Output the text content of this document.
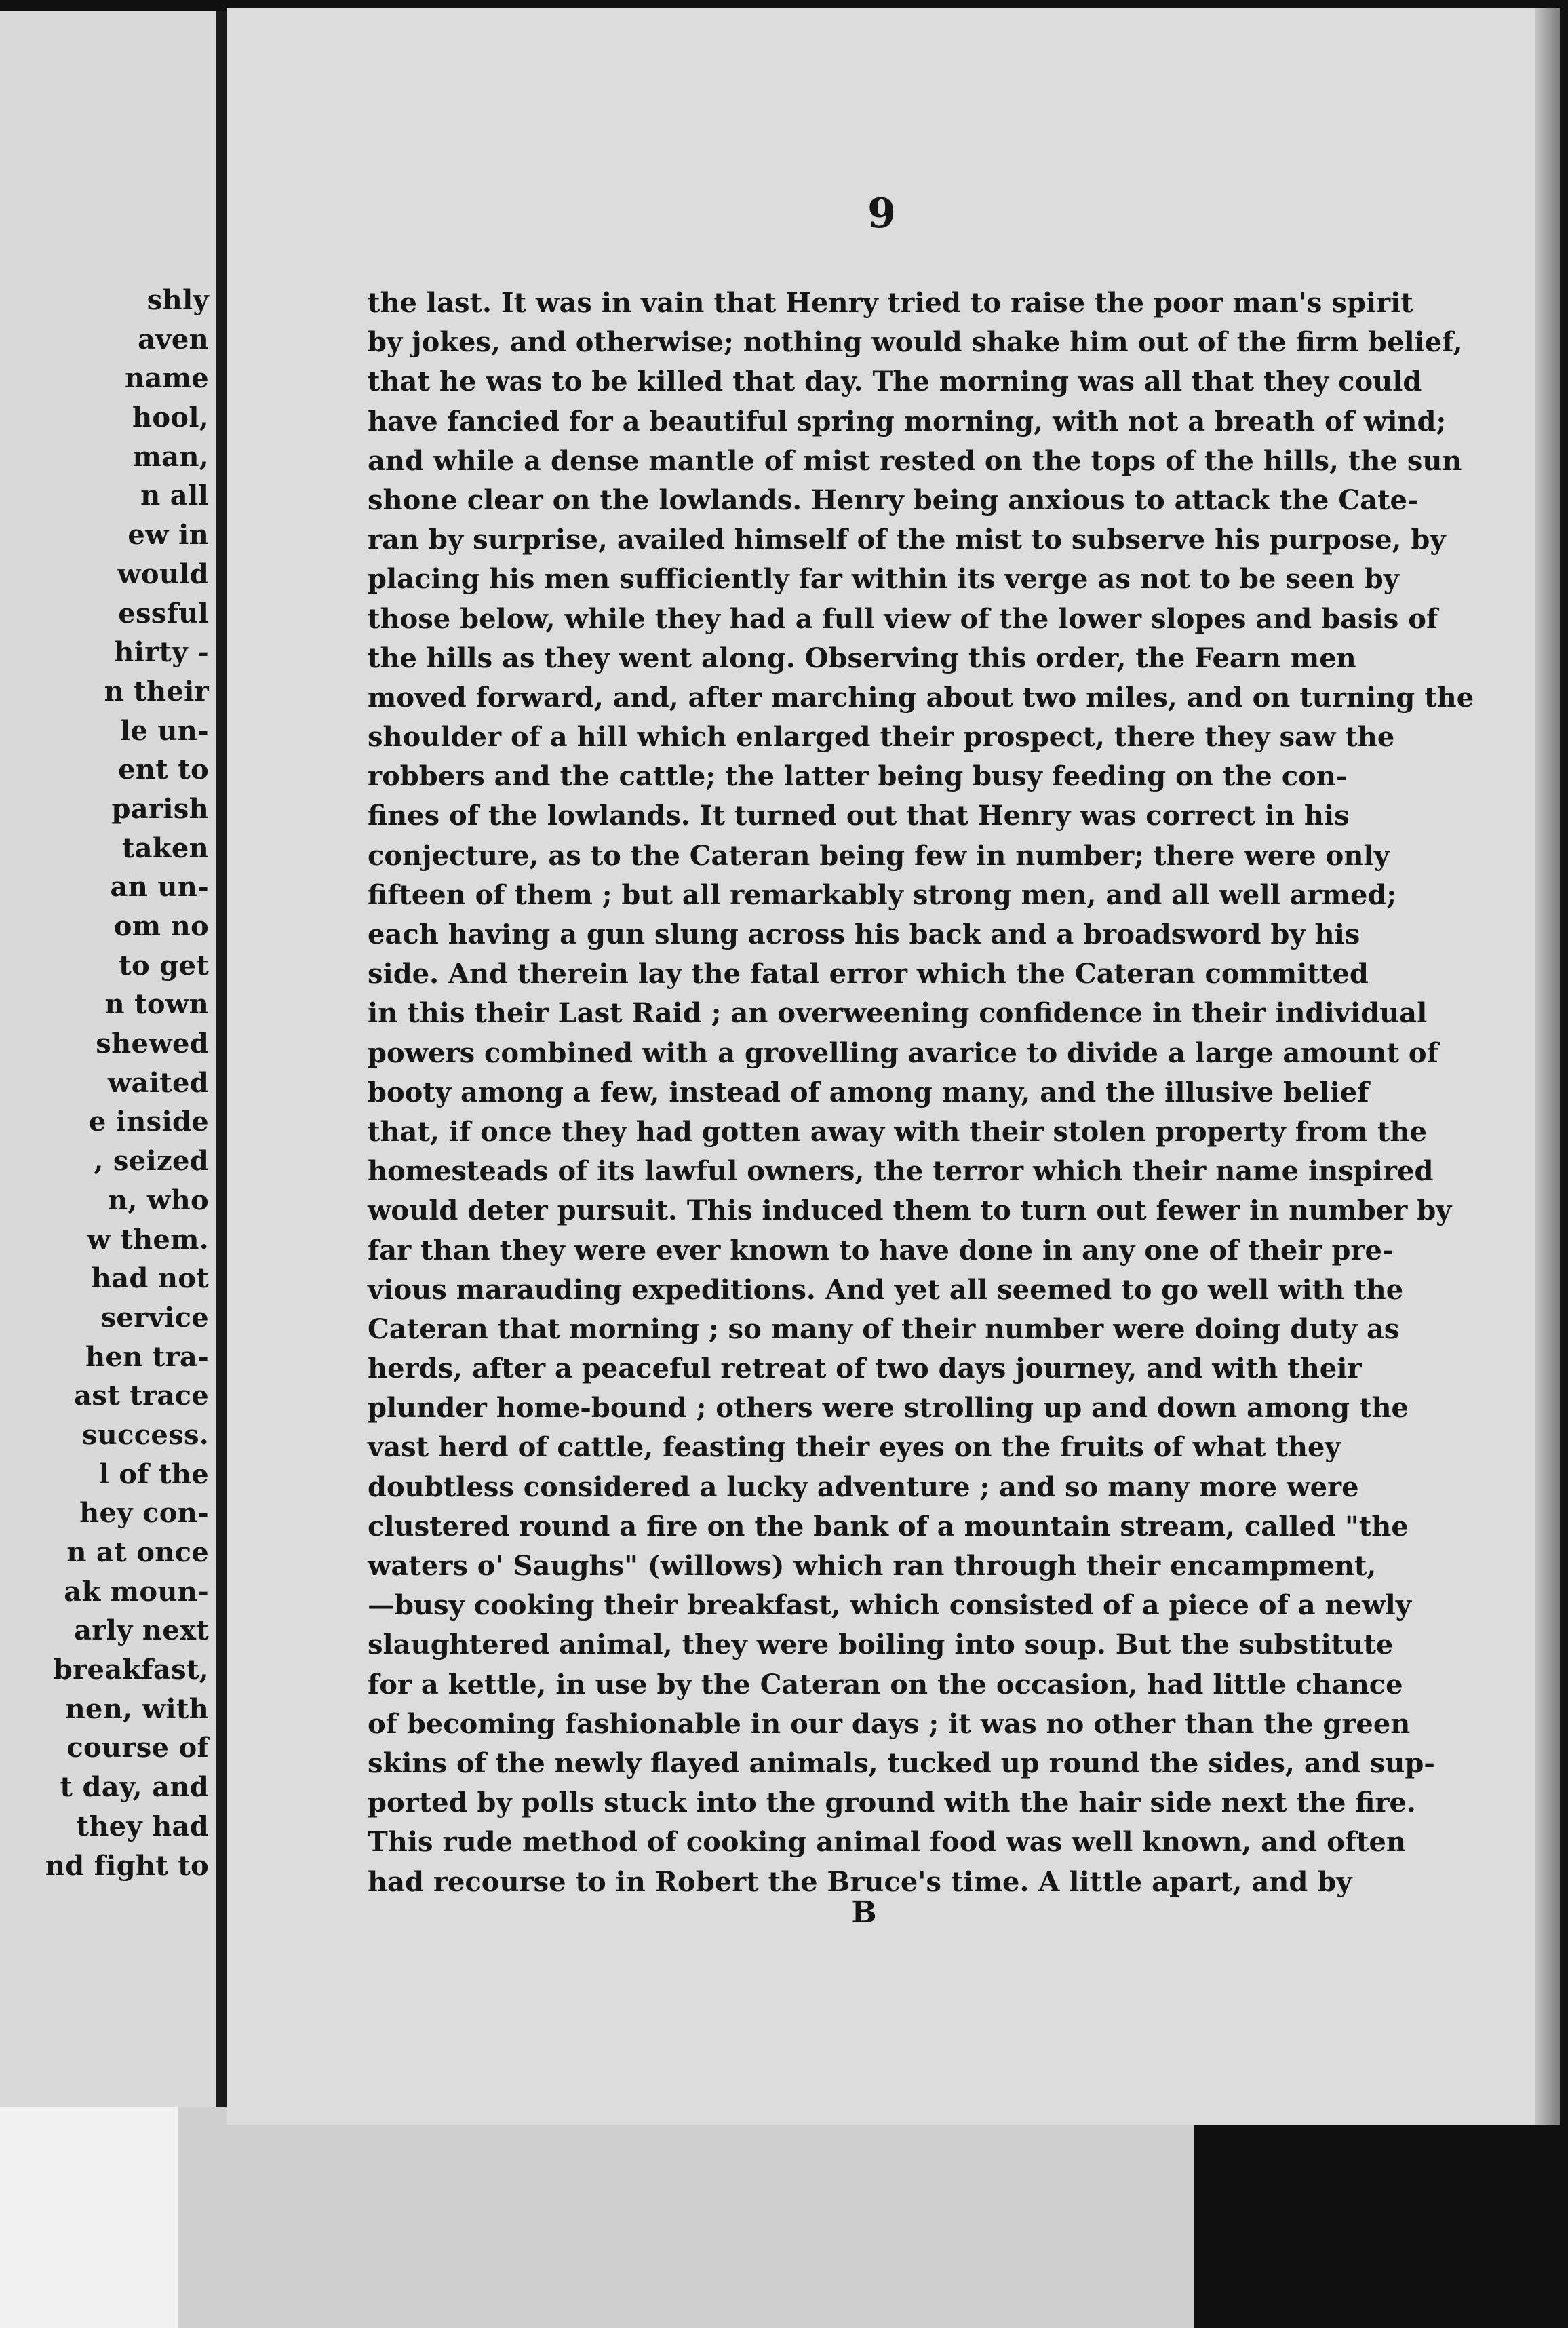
shly
aven
name
hool,
man,
n all
ew in
would
essful
hirty -
n their
le un-
ent to
parish
taken
an un-
om no
to get
n town
shewed
waited
e inside
, seized
n, who
w them.
had not
service
hen tra-
ast trace
success.
l of the
hey con-
n at once
ak moun-
arly next
breakfast,
nen, with
course of
t day, and
they had
nd fight to
9
the last. It was in vain that Henry tried to raise the poor man's spirit
by jokes, and otherwise; nothing would shake him out of the firm belief,
that he was to be killed that day. The morning was all that they could
have fancied for a beautiful spring morning, with not a breath of wind;
and while a dense mantle of mist rested on the tops of the hills, the sun
shone clear on the lowlands. Henry being anxious to attack the Cate-
ran by surprise, availed himself of the mist to subserve his purpose, by
placing his men sufficiently far within its verge as not to be seen by
those below, while they had a full view of the lower slopes and basis of
the hills as they went along. Observing this order, the Fearn men
moved forward, and, after marching about two miles, and on turning the
shoulder of a hill which enlarged their prospect, there they saw the
robbers and the cattle; the latter being busy feeding on the con-
fines of the lowlands. It turned out that Henry was correct in his
conjecture, as to the Cateran being few in number; there were only
fifteen of them ; but all remarkably strong men, and all well armed;
each having a gun slung across his back and a broadsword by his
side. And therein lay the fatal error which the Cateran committed
in this their Last Raid ; an overweening confidence in their individual
powers combined with a grovelling avarice to divide a large amount of
booty among a few, instead of among many, and the illusive belief
that, if once they had gotten away with their stolen property from the
homesteads of its lawful owners, the terror which their name inspired
would deter pursuit. This induced them to turn out fewer in number by
far than they were ever known to have done in any one of their pre-
vious marauding expeditions. And yet all seemed to go well with the
Cateran that morning ; so many of their number were doing duty as
herds, after a peaceful retreat of two days journey, and with their
plunder home-bound ; others were strolling up and down among the
vast herd of cattle, feasting their eyes on the fruits of what they
doubtless considered a lucky adventure ; and so many more were
clustered round a fire on the bank of a mountain stream, called "the
waters o' Saughs" (willows) which ran through their encampment,
—busy cooking their breakfast, which consisted of a piece of a newly
slaughtered animal, they were boiling into soup. But the substitute
for a kettle, in use by the Cateran on the occasion, had little chance
of becoming fashionable in our days ; it was no other than the green
skins of the newly flayed animals, tucked up round the sides, and sup-
ported by polls stuck into the ground with the hair side next the fire.
This rude method of cooking animal food was well known, and often
had recourse to in Robert the Bruce's time. A little apart, and by
B
